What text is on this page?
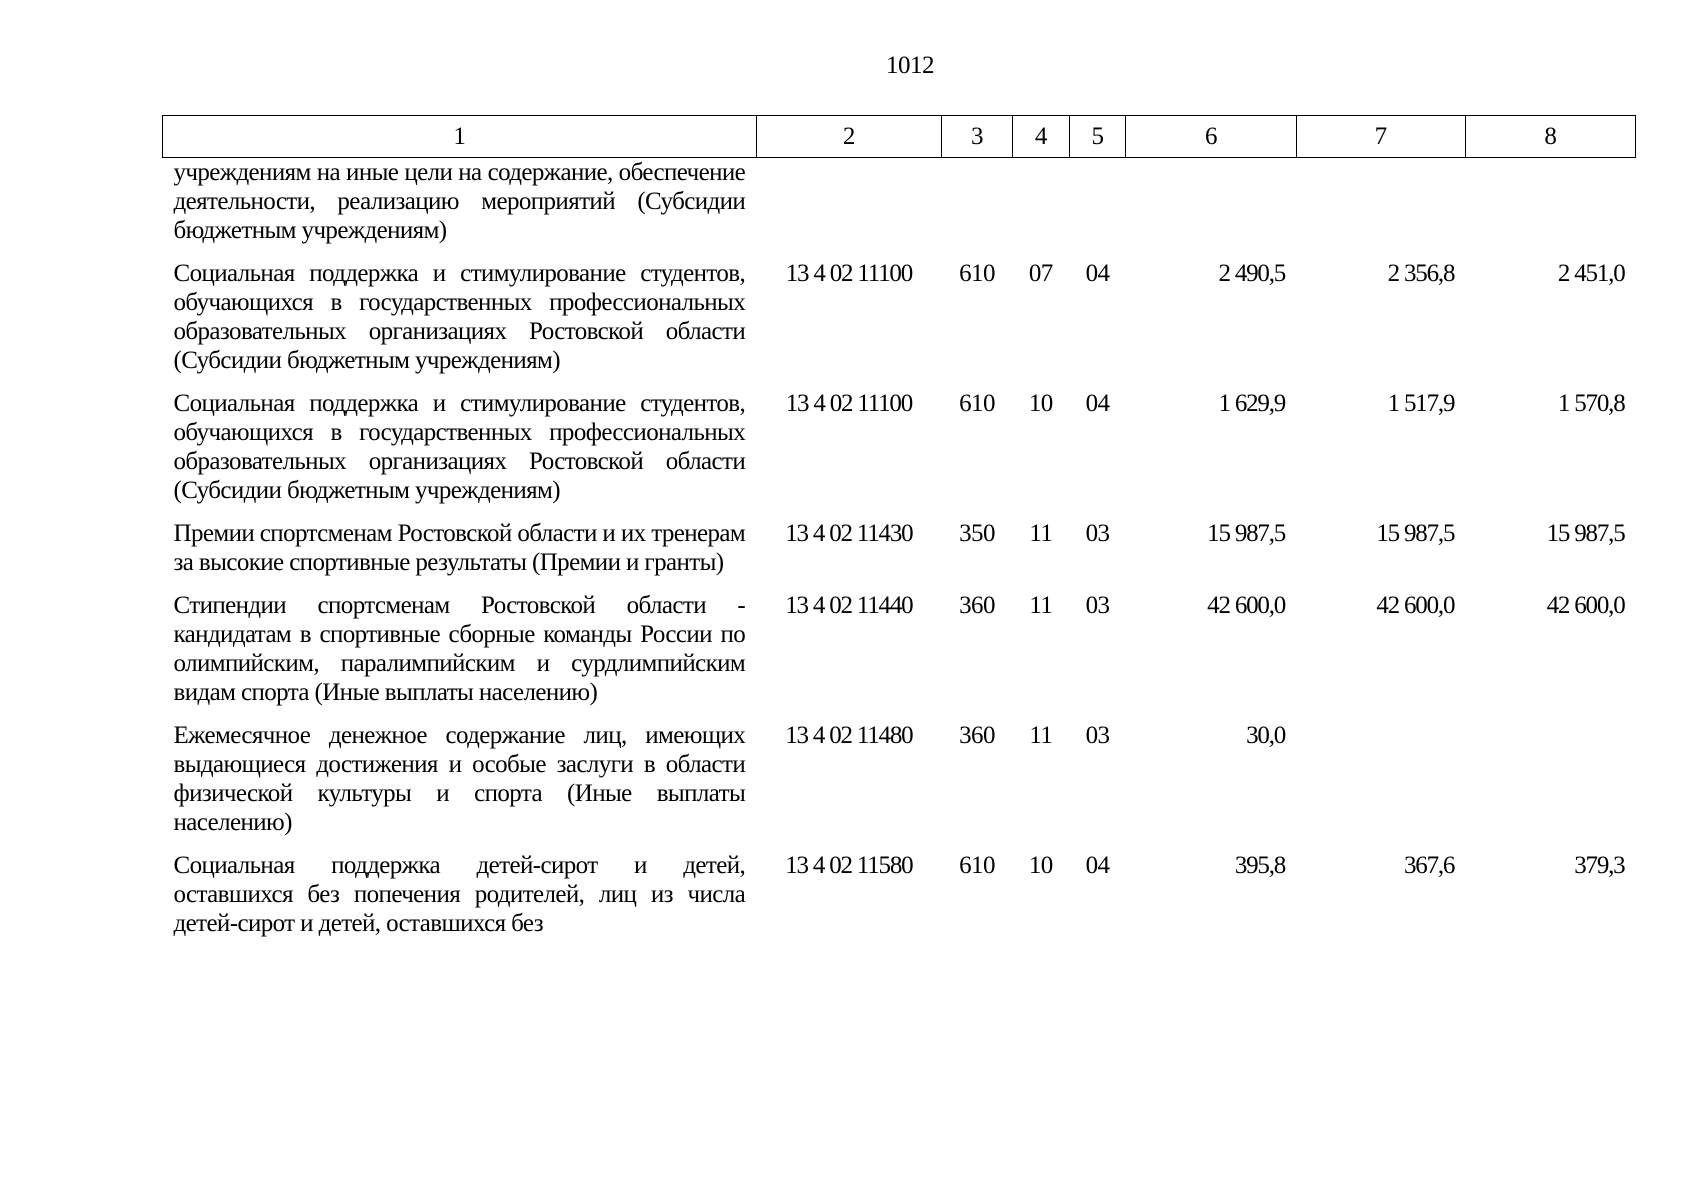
1012
1	2	3	4	5	6	7	8
учреждениям на иные цели на содержание, обеспечение деятельности, реализацию мероприятий (Субсидии бюджетным учреждениям)							
Социальная поддержка и стимулирование студентов, обучающихся в государственных профессиональных образовательных организациях Ростовской области (Субсидии бюджетным учреждениям)	13 4 02 11100	610	07	04	2 490,5	2 356,8	2 451,0
Социальная поддержка и стимулирование студентов, обучающихся в государственных профессиональных образовательных организациях Ростовской области (Субсидии бюджетным учреждениям)	13 4 02 11100	610	10	04	1 629,9	1 517,9	1 570,8
Премии спортсменам Ростовской области и их тренерам за высокие спортивные результаты (Премии и гранты)	13 4 02 11430	350	11	03	15 987,5	15 987,5	15 987,5
Стипендии спортсменам Ростовской области - кандидатам в спортивные сборные команды России по олимпийским, паралимпийским и сурдлимпийским видам спорта (Иные выплаты населению)	13 4 02 11440	360	11	03	42 600,0	42 600,0	42 600,0
Ежемесячное денежное содержание лиц, имеющих выдающиеся достижения и особые заслуги в области физической культуры и спорта (Иные выплаты населению)	13 4 02 11480	360	11	03	30,0		
Социальная поддержка детей-сирот и детей, оставшихся без попечения родителей, лиц из числа детей-сирот и детей, оставшихся без	13 4 02 11580	610	10	04	395,8	367,6	379,3
